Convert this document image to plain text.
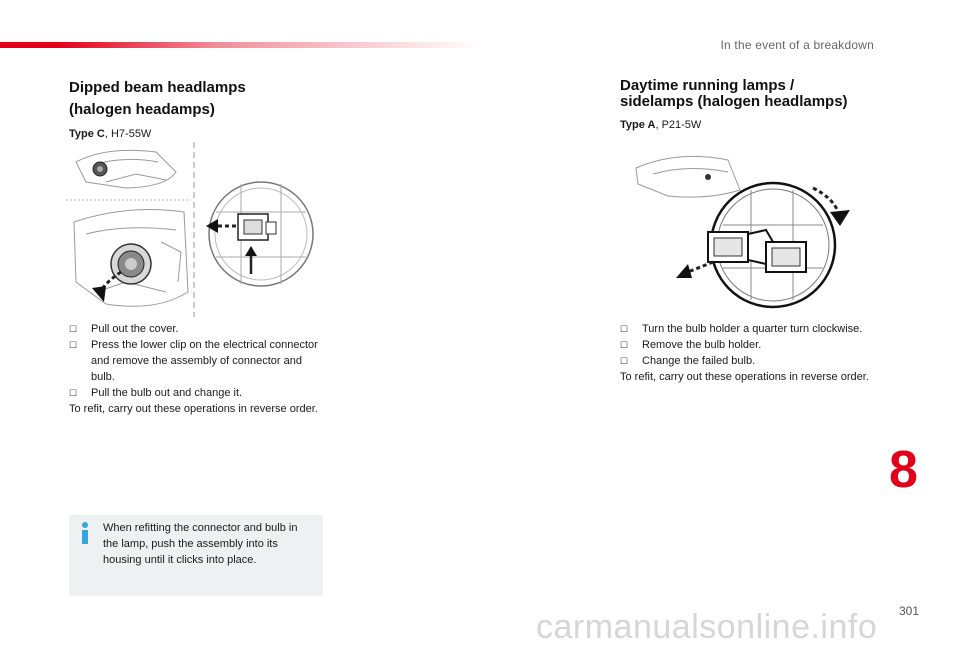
In the event of a breakdown
Dipped beam headlamps
(halogen headamps)
Type C, H7-55W
☐ Pull out the cover.
☐ Press the lower clip on the electrical connector and remove the assembly of connector and bulb.
☐ Pull the bulb out and change it.
To refit, carry out these operations in reverse order.

When refitting the connector and bulb in the lamp, push the assembly into its housing until it clicks into place.

Daytime running lamps /
sidelamps (halogen headlamps)
Type A, P21-5W
☐ Turn the bulb holder a quarter turn clockwise.
☐ Remove the bulb holder.
☐ Change the failed bulb.
To refit, carry out these operations in reverse order.
8
301
carmanualsonline.info
